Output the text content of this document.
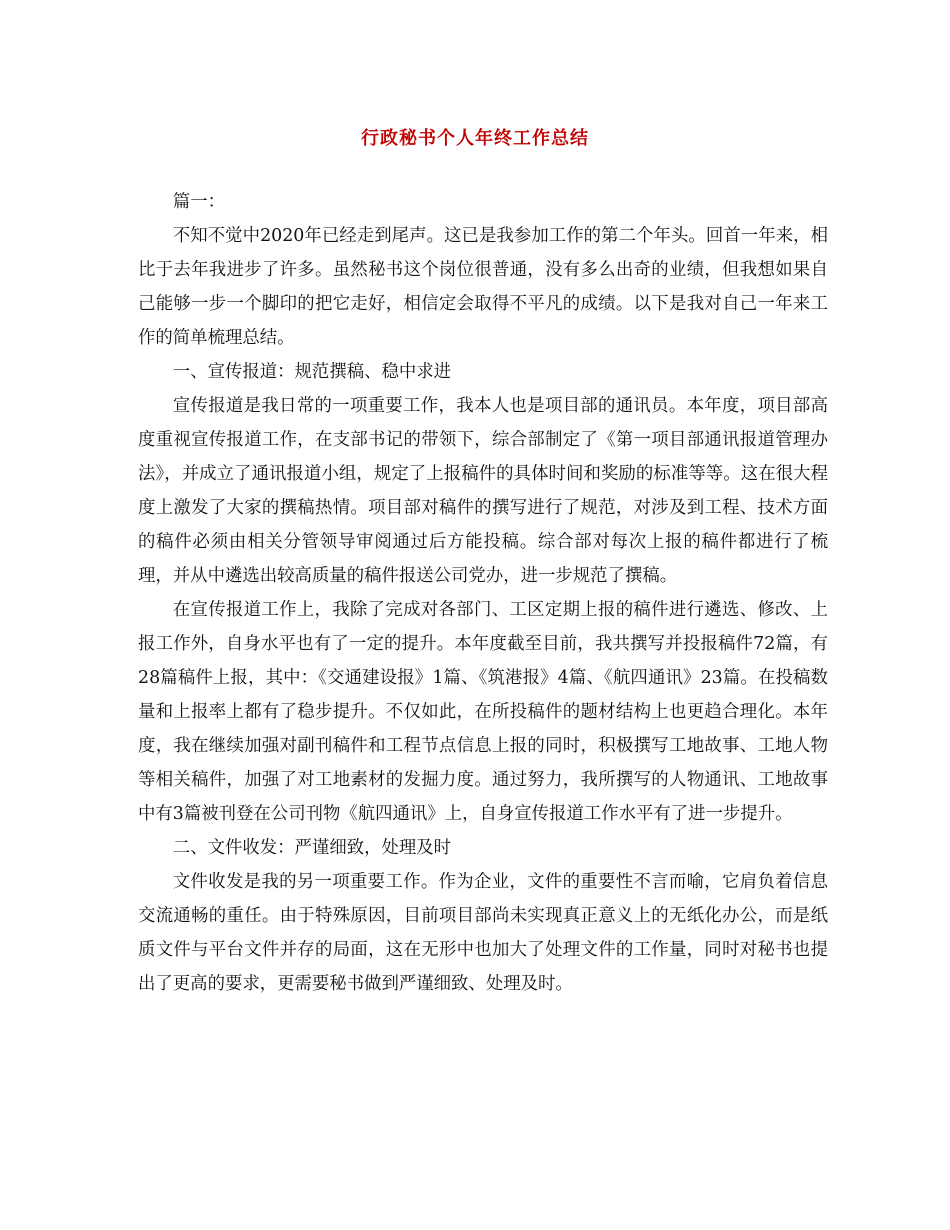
行政秘书个人年终工作总结

篇一：

不知不觉中2020年已经走到尾声。这已是我参加工作的第二个年头。回首一年来，相比于去年我进步了许多。虽然秘书这个岗位很普通，没有多么出奇的业绩，但我想如果自己能够一步一个脚印的把它走好，相信定会取得不平凡的成绩。以下是我对自己一年来工作的简单梳理总结。

一、宣传报道：规范撰稿、稳中求进

宣传报道是我日常的一项重要工作，我本人也是项目部的通讯员。本年度，项目部高度重视宣传报道工作，在支部书记的带领下，综合部制定了《第一项目部通讯报道管理办法》，并成立了通讯报道小组，规定了上报稿件的具体时间和奖励的标准等等。这在很大程度上激发了大家的撰稿热情。项目部对稿件的撰写进行了规范，对涉及到工程、技术方面的稿件必须由相关分管领导审阅通过后方能投稿。综合部对每次上报的稿件都进行了梳理，并从中遴选出较高质量的稿件报送公司党办，进一步规范了撰稿。

在宣传报道工作上，我除了完成对各部门、工区定期上报的稿件进行遴选、修改、上报工作外，自身水平也有了一定的提升。本年度截至目前，我共撰写并投报稿件72篇，有28篇稿件上报，其中：《交通建设报》1篇、《筑港报》4篇、《航四通讯》23篇。在投稿数量和上报率上都有了稳步提升。不仅如此，在所投稿件的题材结构上也更趋合理化。本年度，我在继续加强对副刊稿件和工程节点信息上报的同时，积极撰写工地故事、工地人物等相关稿件，加强了对工地素材的发掘力度。通过努力，我所撰写的人物通讯、工地故事中有3篇被刊登在公司刊物《航四通讯》上，自身宣传报道工作水平有了进一步提升。

二、文件收发：严谨细致，处理及时

文件收发是我的另一项重要工作。作为企业，文件的重要性不言而喻，它肩负着信息交流通畅的重任。由于特殊原因，目前项目部尚未实现真正意义上的无纸化办公，而是纸质文件与平台文件并存的局面，这在无形中也加大了处理文件的工作量，同时对秘书也提出了更高的要求，更需要秘书做到严谨细致、处理及时。
